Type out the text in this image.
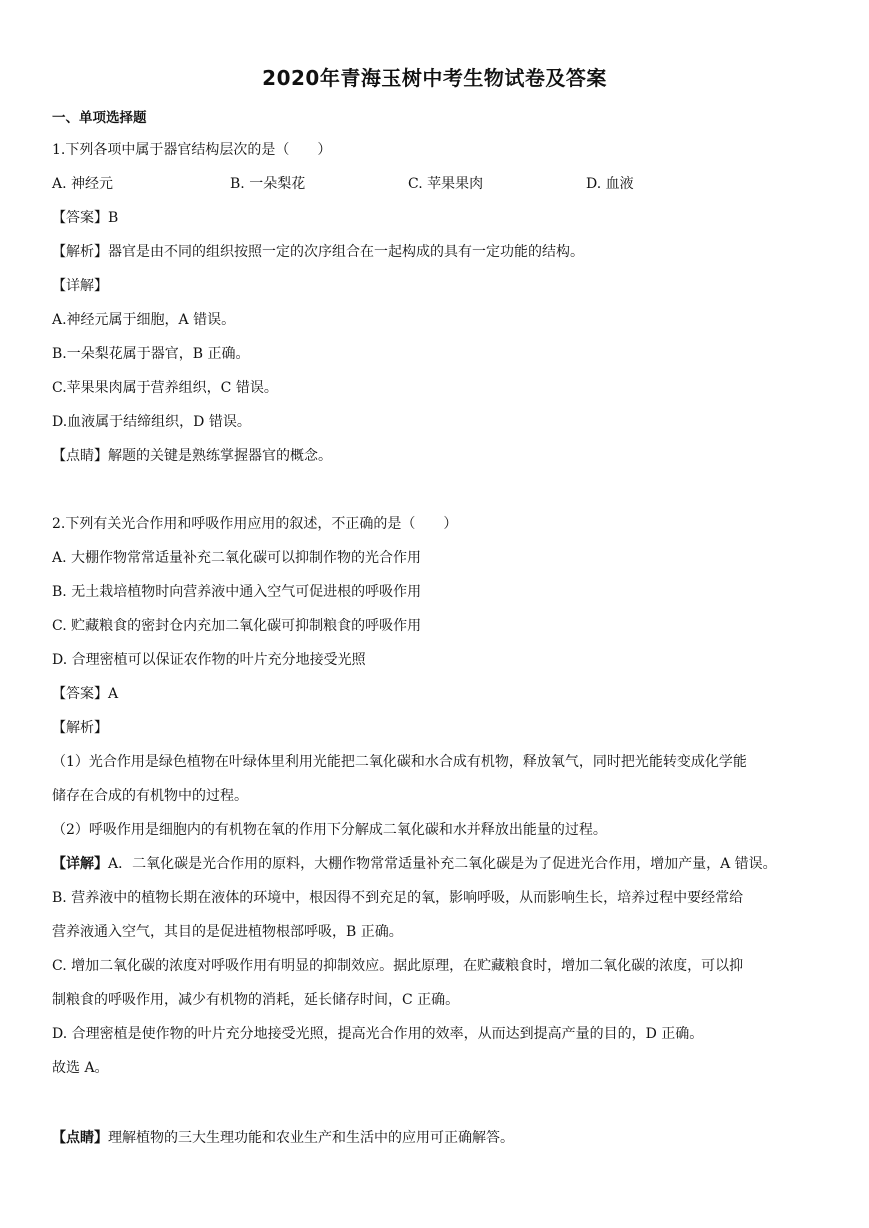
2020年青海玉树中考生物试卷及答案
一、单项选择题
1.下列各项中属于器官结构层次的是（　　）
A. 神经元	B. 一朵梨花	C. 苹果果肉	D. 血液
【答案】B
【解析】器官是由不同的组织按照一定的次序组合在一起构成的具有一定功能的结构。
【详解】
A.神经元属于细胞，A 错误。
B.一朵梨花属于器官，B 正确。
C.苹果果肉属于营养组织，C 错误。
D.血液属于结缔组织，D 错误。
【点睛】解题的关键是熟练掌握器官的概念。
2.下列有关光合作用和呼吸作用应用的叙述，不正确的是（　　）
A. 大棚作物常常适量补充二氧化碳可以抑制作物的光合作用
B. 无土栽培植物时向营养液中通入空气可促进根的呼吸作用
C. 贮藏粮食的密封仓内充加二氧化碳可抑制粮食的呼吸作用
D. 合理密植可以保证农作物的叶片充分地接受光照
【答案】A
【解析】
（1）光合作用是绿色植物在叶绿体里利用光能把二氧化碳和水合成有机物，释放氧气，同时把光能转变成化学能
储存在合成的有机物中的过程。
（2）呼吸作用是细胞内的有机物在氧的作用下分解成二氧化碳和水并释放出能量的过程。
【详解】A．二氧化碳是光合作用的原料，大棚作物常常适量补充二氧化碳是为了促进光合作用，增加产量，A 错误。
B. 营养液中的植物长期在液体的环境中，根因得不到充足的氧，影响呼吸，从而影响生长，培养过程中要经常给
营养液通入空气，其目的是促进植物根部呼吸，B 正确。
C. 增加二氧化碳的浓度对呼吸作用有明显的抑制效应。据此原理，在贮藏粮食时，增加二氧化碳的浓度，可以抑
制粮食的呼吸作用，减少有机物的消耗，延长储存时间，C 正确。
D. 合理密植是使作物的叶片充分地接受光照，提高光合作用的效率，从而达到提高产量的目的，D 正确。
故选 A。
【点睛】理解植物的三大生理功能和农业生产和生活中的应用可正确解答。
